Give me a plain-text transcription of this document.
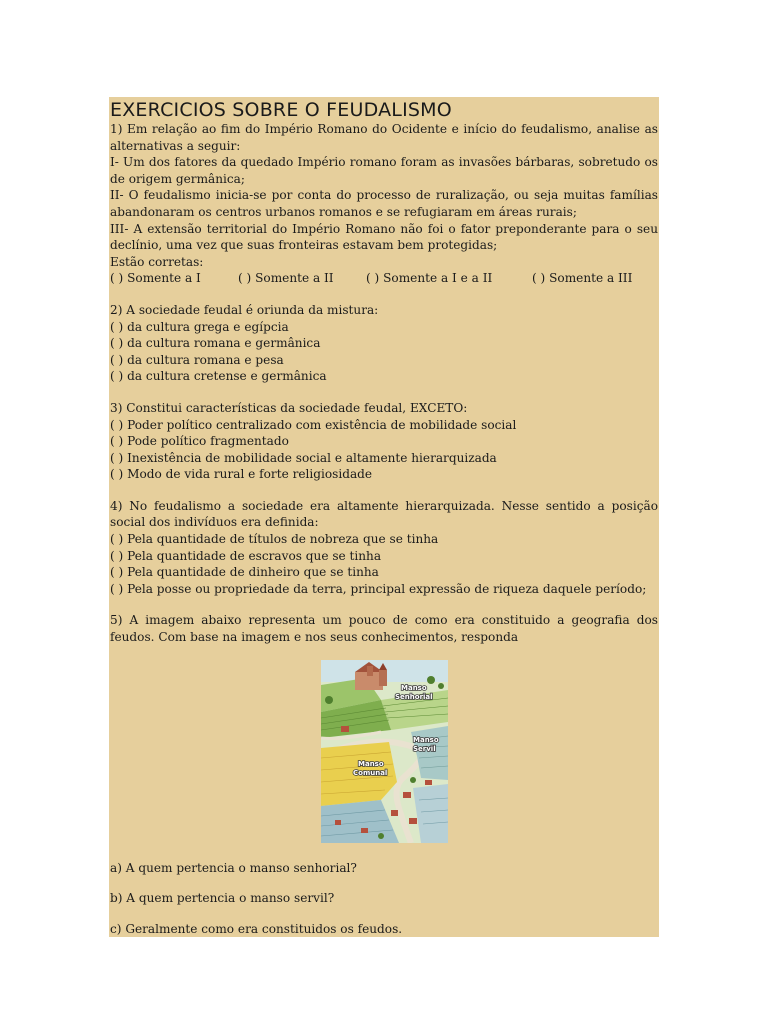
EXERCICIOS SOBRE O FEUDALISMO

1) Em relação ao fim do Império Romano do Ocidente e início do feudalismo, analise as alternativas a seguir:

I- Um dos fatores da quedado Império romano foram as invasões bárbaras, sobretudo os de origem germânica;

II- O feudalismo inicia-se por conta do processo de ruralização, ou seja muitas famílias abandonaram os centros urbanos romanos e se refugiaram em áreas rurais;

III- A extensão territorial do Império Romano não foi o fator preponderante para o seu declínio, uma vez que suas fronteiras estavam bem protegidas;

Estão corretas:

( ) Somente a I	( ) Somente a II	( ) Somente a I e a II	( ) Somente a III

2) A sociedade feudal é oriunda da mistura:

( ) da cultura grega e egípcia

( ) da cultura romana e germânica

( ) da cultura romana e pesa

( ) da cultura cretense e germânica

3) Constitui características da sociedade feudal, EXCETO:

( ) Poder político centralizado com existência de mobilidade social

( ) Pode político fragmentado

( ) Inexistência de mobilidade social e altamente hierarquizada

( ) Modo de vida rural e forte religiosidade

4) No feudalismo a sociedade era altamente hierarquizada. Nesse sentido a posição social dos indivíduos era definida:

( ) Pela quantidade de títulos de nobreza que se tinha

( ) Pela quantidade de escravos que se tinha

( ) Pela quantidade de dinheiro que se tinha

( ) Pela posse ou propriedade da terra, principal expressão de riqueza daquele período;

5) A imagem abaixo representa um pouco de como era constituido a geografia dos feudos. Com base na imagem e nos seus conhecimentos, responda

Manso
Senhorial
Manso
Servil
Manso
Comunal

a) A quem pertencia o manso senhorial?

b) A quem pertencia o manso servil?

c) Geralmente como era constituidos os feudos.
